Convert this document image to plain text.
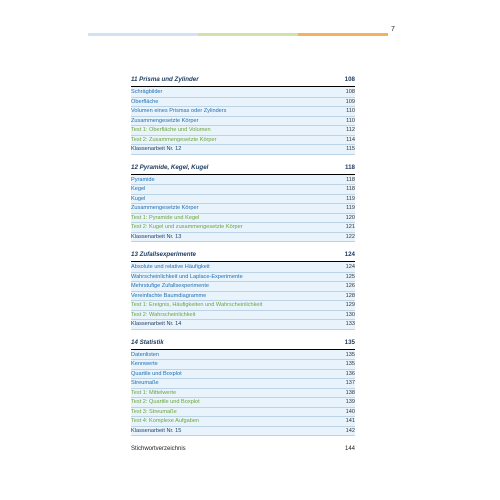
7
11 Prisma und Zylinder	108
Schrägbilder	108
Oberfläche	109
Volumen eines Prismas oder Zylinders	110
Zusammengesetzte Körper	110
Test 1: Oberfläche und Volumen	112
Test 2: Zusammengesetzte Körper	114
Klassenarbeit Nr. 12	115
12 Pyramide, Kegel, Kugel	118
Pyramide	118
Kegel	118
Kugel	119
Zusammengesetzte Körper	119
Test 1: Pyramide und Kegel	120
Test 2: Kugel und zusammengesetzte Körper	121
Klassenarbeit Nr. 13	122
13 Zufallsexperimente	124
Absolute und relative Häufigkeit	124
Wahrscheinlichkeit und Laplace-Experimente	125
Mehrstufige Zufallsexperimente	126
Vereinfachte Baumdiagramme	128
Test 1: Ereignis, Häufigkeiten und Wahrscheinlichkeit	129
Test 2: Wahrscheinlichkeit	130
Klassenarbeit Nr. 14	133
14 Statistik	135
Datenlisten	135
Kennwerte	135
Quartile und Boxplot	136
Streumaße	137
Test 1: Mittelwerte	138
Test 2: Quartile und Boxplot	139
Test 3: Streumaße	140
Test 4: Komplexe Aufgaben	141
Klassenarbeit Nr. 15	142
Stichwortverzeichnis	144
